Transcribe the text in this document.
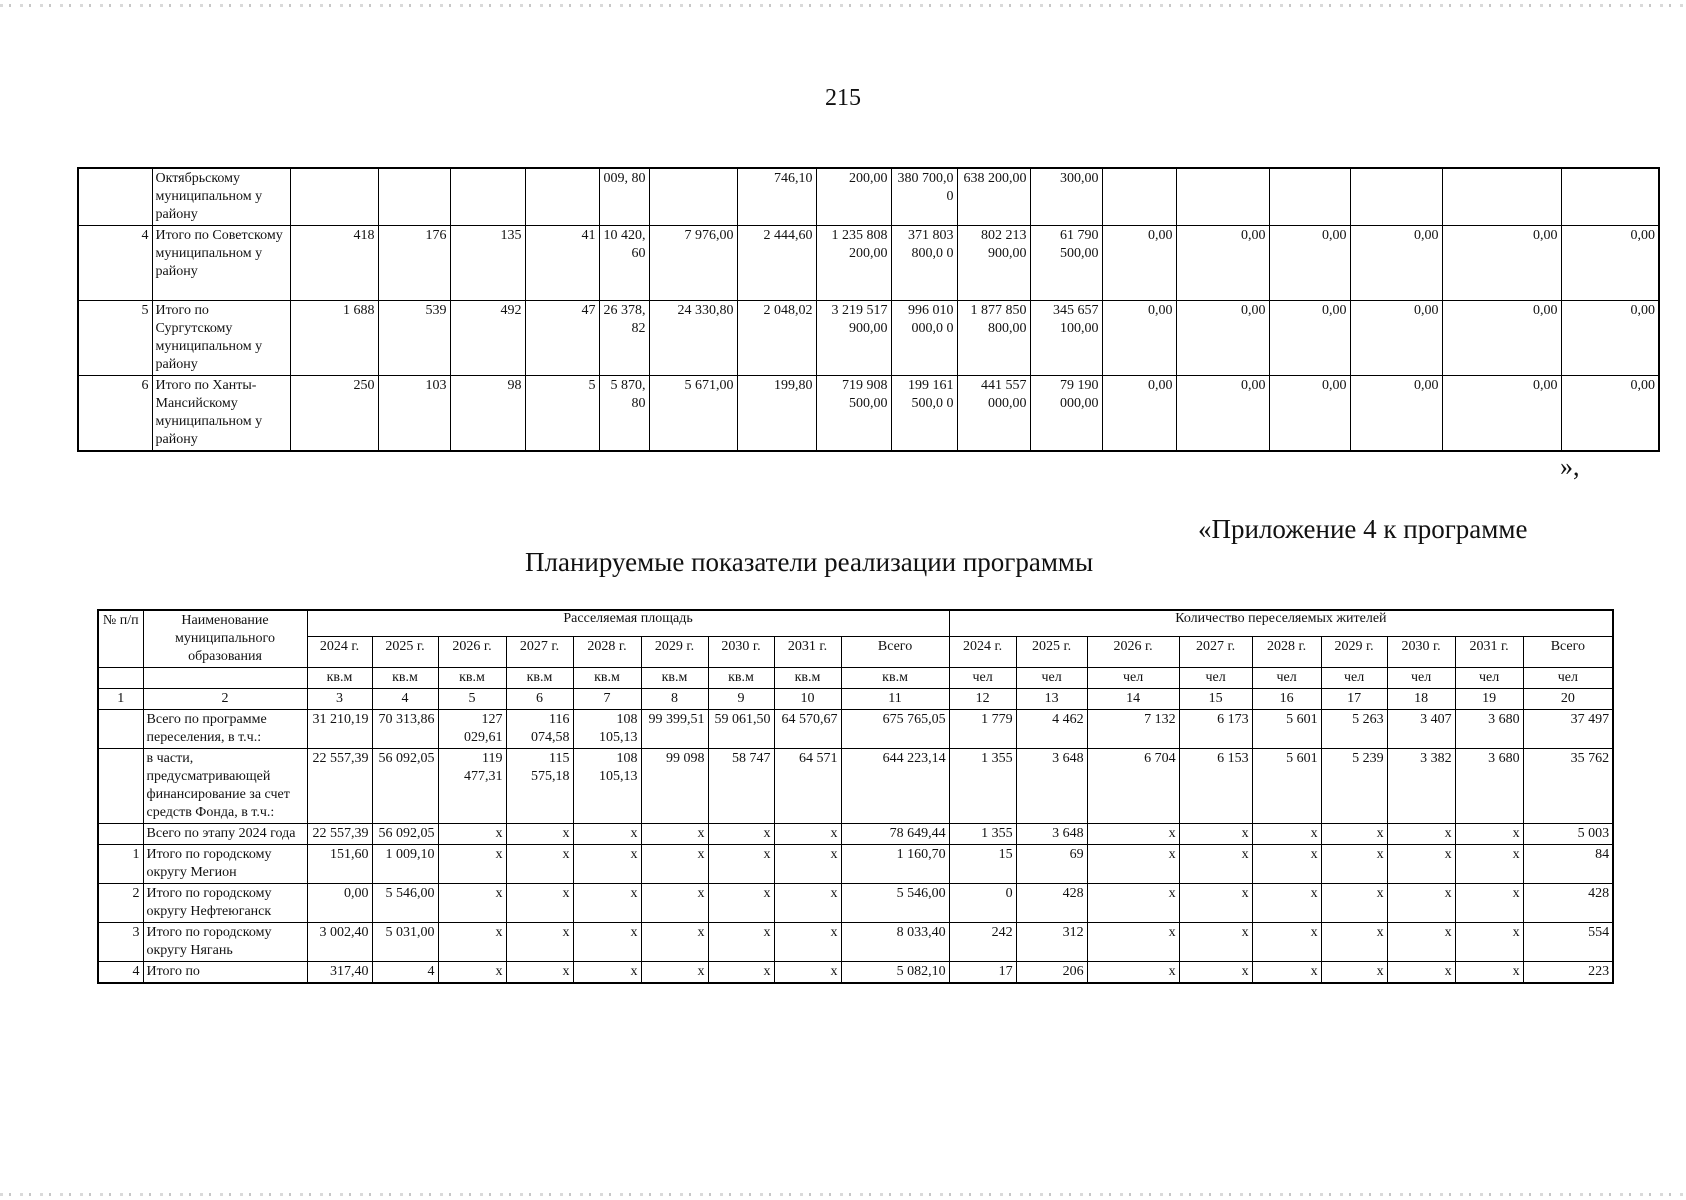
215
	Октябрьскому муниципальном у району					009, 80		746,10	200,00	380 700,0 0	638 200,00	300,00						
4	Итого по Советскому муниципальном у району	418	176	135	41	10 420, 60	7 976,00	2 444,60	1 235 808 200,00	371 803 800,0 0	802 213 900,00	61 790 500,00	0,00	0,00	0,00	0,00	0,00	0,00
5	Итого по Сургутскому муниципальном у району	1 688	539	492	47	26 378, 82	24 330,80	2 048,02	3 219 517 900,00	996 010 000,0 0	1 877 850 800,00	345 657 100,00	0,00	0,00	0,00	0,00	0,00	0,00
6	Итого по Ханты-Мансийскому муниципальном у району	250	103	98	5	5 870, 80	5 671,00	199,80	719 908 500,00	199 161 500,0 0	441 557 000,00	79 190 000,00	0,00	0,00	0,00	0,00	0,00	0,00
»,
«Приложение 4 к программе
Планируемые показатели реализации программы
№ п/п	Наименование муниципального образования	Расселяемая площадь									Количество переселяемых жителей								
		2024 г.	2025 г.	2026 г.	2027 г.	2028 г.	2029 г.	2030 г.	2031 г.	Всего	2024 г.	2025 г.	2026 г.	2027 г.	2028 г.	2029 г.	2030 г.	2031 г.	Всего
		кв.м	кв.м	кв.м	кв.м	кв.м	кв.м	кв.м	кв.м	кв.м	чел	чел	чел	чел	чел	чел	чел	чел	чел
1	2	3	4	5	6	7	8	9	10	11	12	13	14	15	16	17	18	19	20
	Всего по программе переселения, в т.ч.:	31 210,19	70 313,86	127 029,61	116 074,58	108 105,13	99 399,51	59 061,50	64 570,67	675 765,05	1 779	4 462	7 132	6 173	5 601	5 263	3 407	3 680	37 497
	в части, предусматривающей финансирование за счет средств Фонда, в т.ч.:	22 557,39	56 092,05	119 477,31	115 575,18	108 105,13	99 098	58 747	64 571	644 223,14	1 355	3 648	6 704	6 153	5 601	5 239	3 382	3 680	35 762
	Всего по этапу 2024 года	22 557,39	56 092,05	x	x	x	x	x	x	78 649,44	1 355	3 648	x	x	x	x	x	x	5 003
1	Итого по городскому округу Мегион	151,60	1 009,10	x	x	x	x	x	x	1 160,70	15	69	x	x	x	x	x	x	84
2	Итого по городскому округу Нефтеюганск	0,00	5 546,00	x	x	x	x	x	x	5 546,00	0	428	x	x	x	x	x	x	428
3	Итого по городскому округу Нягань	3 002,40	5 031,00	x	x	x	x	x	x	8 033,40	242	312	x	x	x	x	x	x	554
4	Итого по	317,40	4	x	x	x	x	x	x	5 082,10	17	206	x	x	x	x	x	x	223
